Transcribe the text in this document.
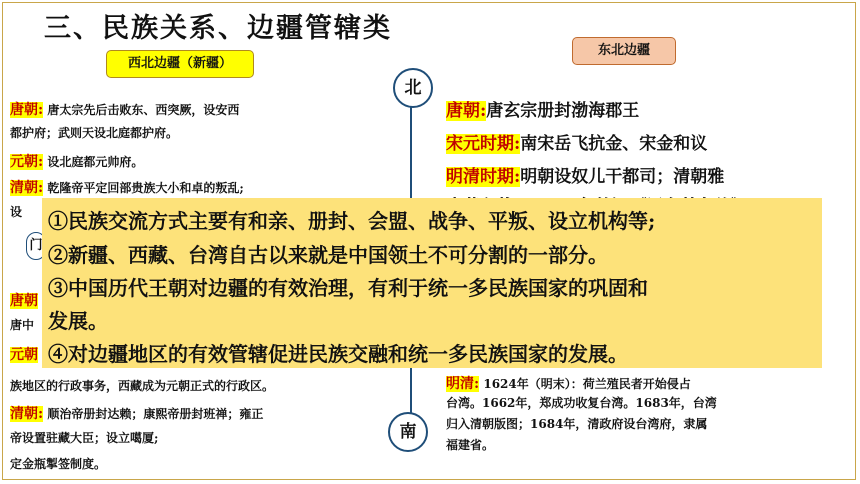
三、民族关系、边疆管辖类
西北边疆（新疆）
东北边疆
北
南
唐朝: 唐太宗先后击败东、西突厥，设安西
都护府；武则天设北庭都护府。
元朝: 设北庭都元帅府。
清朝: 乾隆帝平定回部贵族大小和卓的叛乱;
设
门
唐朝
唐中
元朝
族地区的行政事务，西藏成为元朝正式的行政区。
清朝: 顺治帝册封达赖；康熙帝册封班禅；雍正
帝设置驻藏大臣；设立噶厦;
定金瓶掣签制度。
唐朝:唐玄宗册封渤海郡王
宋元时期:南宋岳飞抗金、宋金和议
明清时期:明朝设奴儿干都司；清朝雅
明清: 1624年（明末）：荷兰殖民者开始侵占
台湾。1662年，郑成功收复台湾。1683年，台湾
归入清朝版图；1684年，清政府设台湾府，隶属
福建省。
①民族交流方式主要有和亲、册封、会盟、战争、平叛、设立机构等;
②新疆、西藏、台湾自古以来就是中国领土不可分割的一部分。
③中国历代王朝对边疆的有效治理，有利于统一多民族国家的巩固和
发展。
④对边疆地区的有效管辖促进民族交融和统一多民族国家的发展。
